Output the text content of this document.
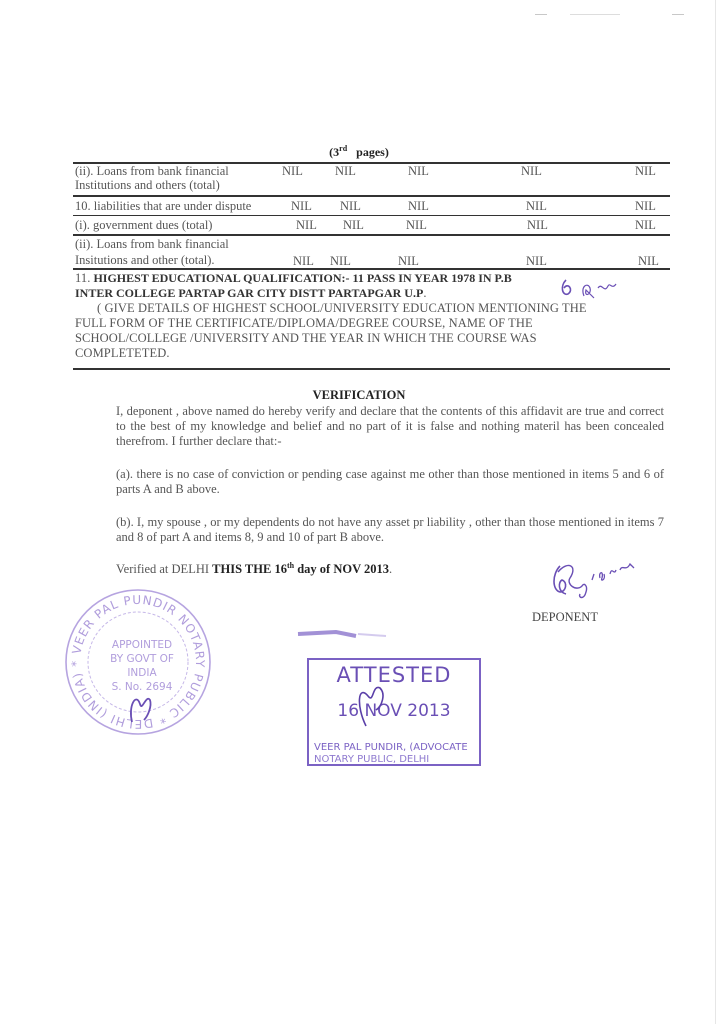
(3rd pages)
(ii). Loans from bank financial
Institutions and others (total)
NIL	NIL	NIL	NIL	NIL
10. liabilities that are under dispute	NIL NIL	NIL	NIL	NIL
(i). government dues (total)	NIL NIL	NIL	NIL	NIL
(ii). Loans from bank financial
Insitutions and other (total).	NIL NIL	NIL	NIL	NIL
11. HIGHEST EDUCATIONAL QUALIFICATION:- 11 PASS IN YEAR 1978 IN P.B
INTER COLLEGE PARTAP GAR CITY DISTT PARTAPGAR U.P.
( GIVE DETAILS OF HIGHEST SCHOOL/UNIVERSITY EDUCATION MENTIONING THE
FULL FORM OF THE CERTIFICATE/DIPLOMA/DEGREE COURSE, NAME OF THE
SCHOOL/COLLEGE /UNIVERSITY AND THE YEAR IN WHICH THE COURSE WAS
COMPLETETED.
VERIFICATION
I, deponent , above named do hereby verify and declare that the contents of this affidavit are true and correct to the best of my knowledge and belief and no part of it is false and nothing materil has been concealed therefrom. I further declare that:-
(a). there is no case of conviction or pending case against me other than those mentioned in items 5 and 6 of parts A and B above.
(b). I, my spouse , or my dependents do not have any asset pr liability , other than those mentioned in items 7 and 8 of part A and items 8, 9 and 10 of part B above.
Verified at DELHI THIS THE 16th day of NOV 2013.
DEPONENT
VEER PAL PUNDIR NOTARY PUBLIC * DELHI (INDIA) *
APPOINTED
BY GOVT OF
INDIA
S. No. 2694	ATTESTED
16 NOV 2013
VEER PAL PUNDIR, (ADVOCATE
NOTARY PUBLIC, DELHI
